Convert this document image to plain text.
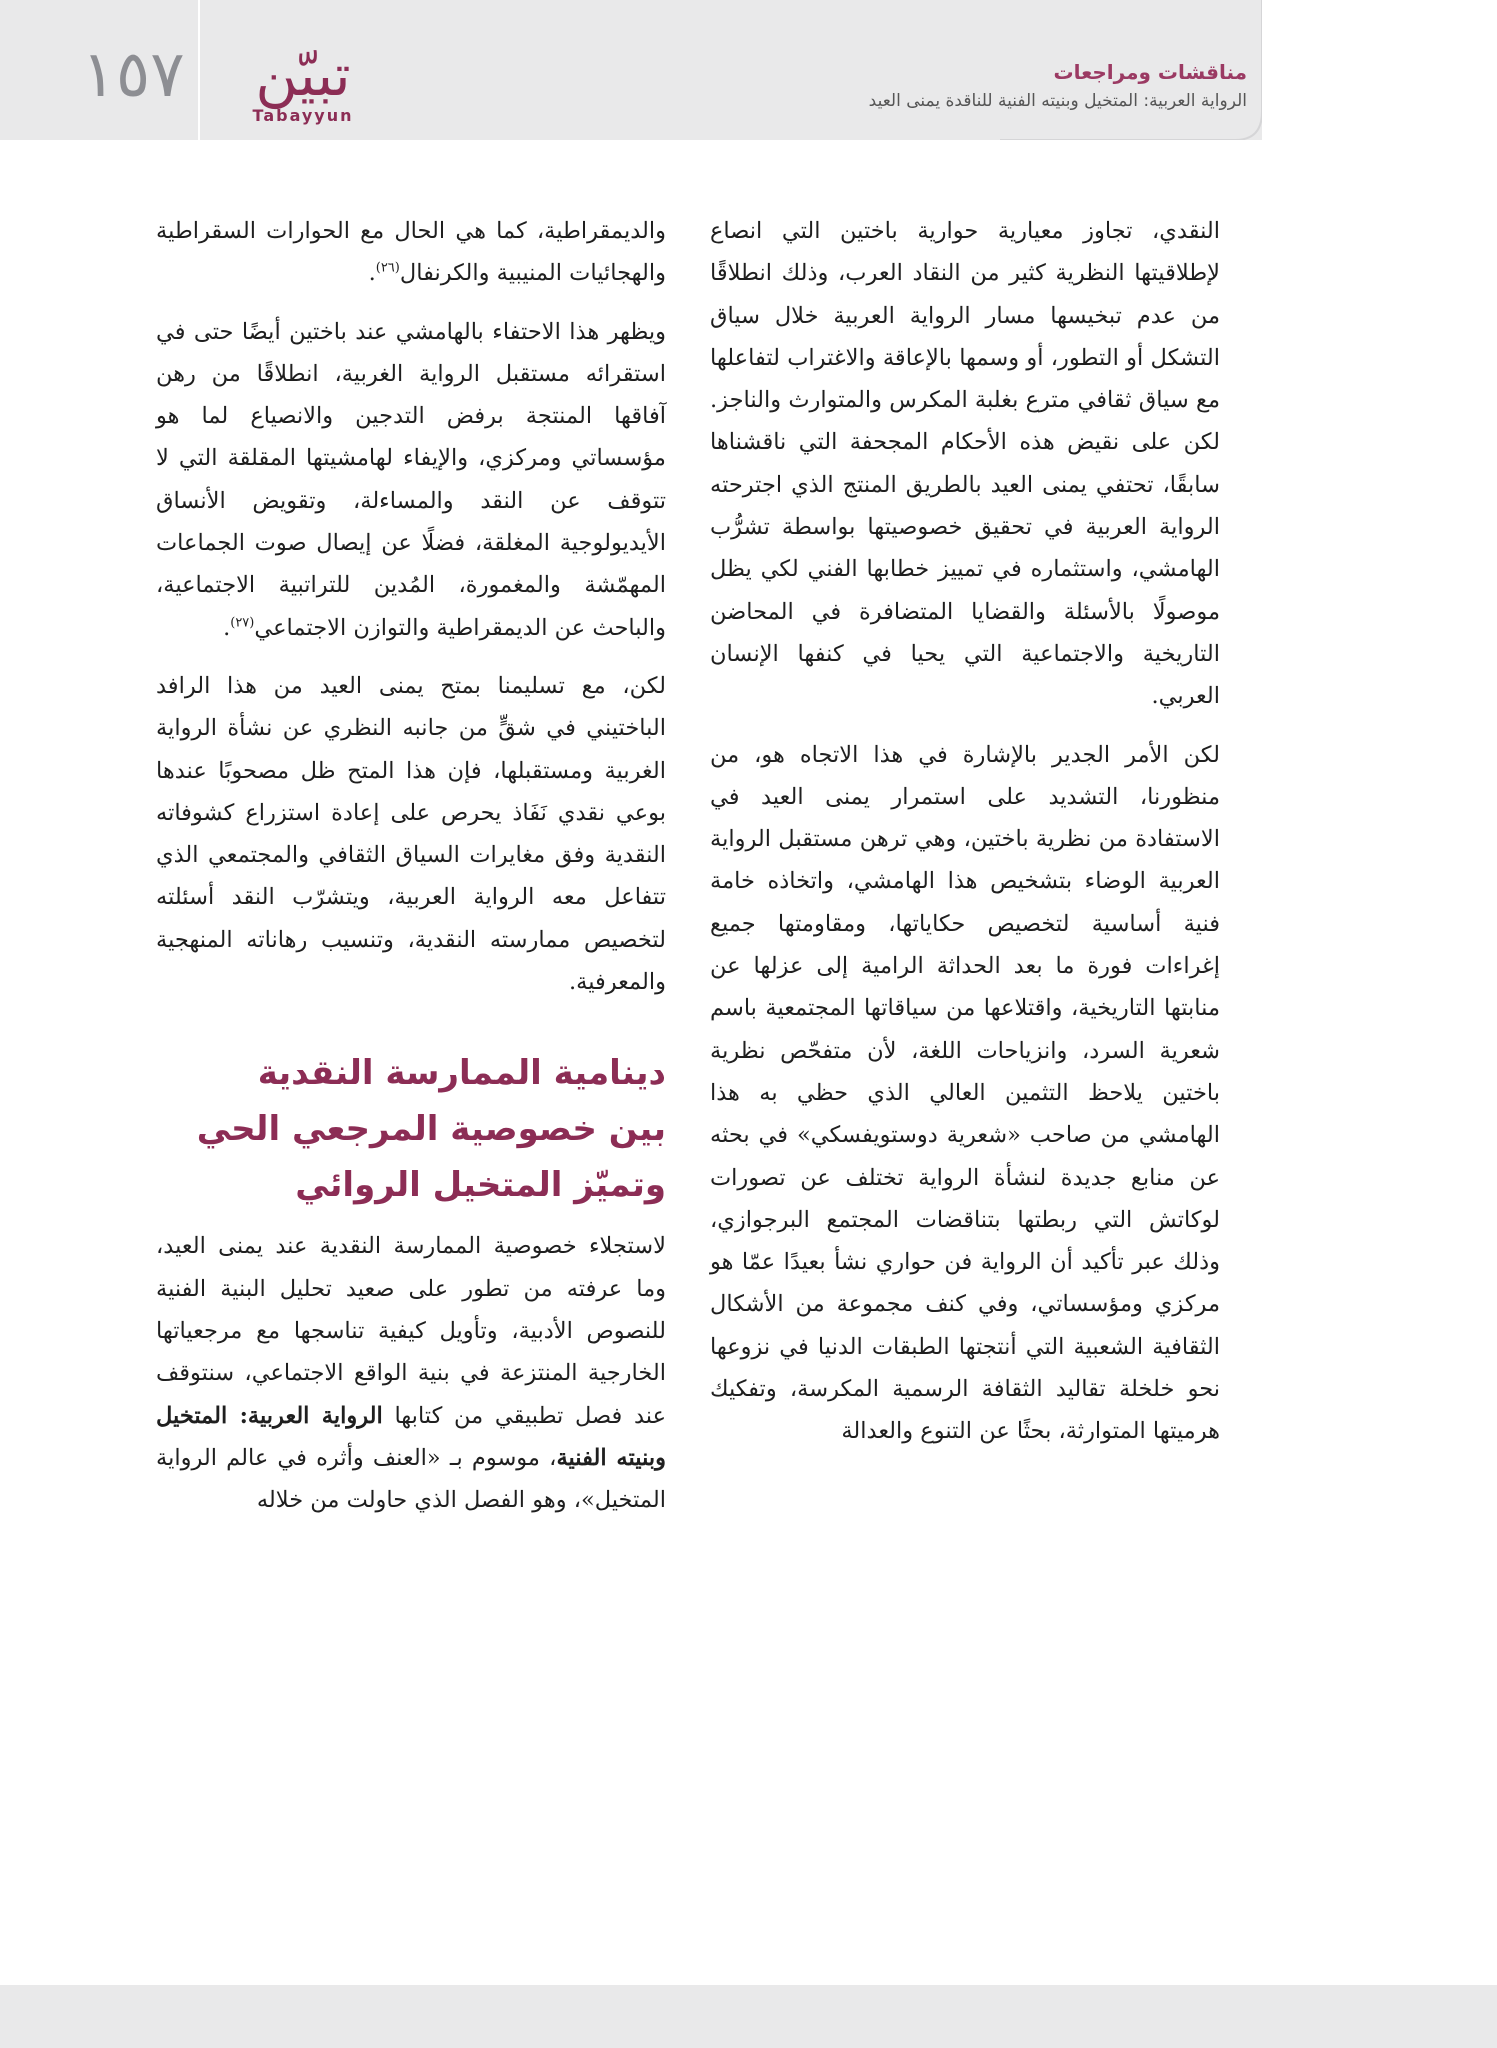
١٥٧	تبيّن
Tabayyun
مناقشات ومراجعات
الرواية العربية: المتخيل وبنيته الفنية للناقدة يمنى العيد

النقدي، تجاوز معيارية حوارية باختين التي انصاع لإطلاقيتها النظرية كثير من النقاد العرب، وذلك انطلاقًا من عدم تبخيسها مسار الرواية العربية خلال سياق التشكل أو التطور، أو وسمها بالإعاقة والاغتراب لتفاعلها مع سياق ثقافي مترع بغلبة المكرس والمتوارث والناجز. لكن على نقيض هذه الأحكام المجحفة التي ناقشناها سابقًا، تحتفي يمنى العيد بالطريق المنتج الذي اجترحته الرواية العربية في تحقيق خصوصيتها بواسطة تشرُّب الهامشي، واستثماره في تمييز خطابها الفني لكي يظل موصولًا بالأسئلة والقضايا المتضافرة في المحاضن التاريخية والاجتماعية التي يحيا في كنفها الإنسان العربي.

لكن الأمر الجدير بالإشارة في هذا الاتجاه هو، من منظورنا، التشديد على استمرار يمنى العيد في الاستفادة من نظرية باختين، وهي ترهن مستقبل الرواية العربية الوضاء بتشخيص هذا الهامشي، واتخاذه خامة فنية أساسية لتخصيص حكاياتها، ومقاومتها جميع إغراءات فورة ما بعد الحداثة الرامية إلى عزلها عن منابتها التاريخية، واقتلاعها من سياقاتها المجتمعية باسم شعرية السرد، وانزياحات اللغة، لأن متفحّص نظرية باختين يلاحظ التثمين العالي الذي حظي به هذا الهامشي من صاحب «شعرية دوستويفسكي» في بحثه عن منابع جديدة لنشأة الرواية تختلف عن تصورات لوكاتش التي ربطتها بتناقضات المجتمع البرجوازي، وذلك عبر تأكيد أن الرواية فن حواري نشأ بعيدًا عمّا هو مركزي ومؤسساتي، وفي كنف مجموعة من الأشكال الثقافية الشعبية التي أنتجتها الطبقات الدنيا في نزوعها نحو خلخلة تقاليد الثقافة الرسمية المكرسة، وتفكيك هرميتها المتوارثة، بحثًا عن التنوع والعدالة

والديمقراطية، كما هي الحال مع الحوارات السقراطية والهجائيات المنيبية والكرنفال$^{(٢٦)}$.

ويظهر هذا الاحتفاء بالهامشي عند باختين أيضًا حتى في استقرائه مستقبل الرواية الغربية، انطلاقًا من رهن آفاقها المنتجة برفض التدجين والانصياع لما هو مؤسساتي ومركزي، والإيفاء لهامشيتها المقلقة التي لا تتوقف عن النقد والمساءلة، وتقويض الأنساق الأيديولوجية المغلقة، فضلًا عن إيصال صوت الجماعات المهمّشة والمغمورة، المُدين للتراتبية الاجتماعية، والباحث عن الديمقراطية والتوازن الاجتماعي$^{(٢٧)}$.

لكن، مع تسليمنا بمتح يمنى العيد من هذا الرافد الباختيني في شقٍّ من جانبه النظري عن نشأة الرواية الغربية ومستقبلها، فإن هذا المتح ظل مصحوبًا عندها بوعي نقدي نَفَاذ يحرص على إعادة استزراع كشوفاته النقدية وفق مغايرات السياق الثقافي والمجتمعي الذي تتفاعل معه الرواية العربية، ويتشرّب النقد أسئلته لتخصيص ممارسته النقدية، وتنسيب رهاناته المنهجية والمعرفية.

دينامية الممارسة النقدية
بين خصوصية المرجعي الحي
وتميّز المتخيل الروائي

لاستجلاء خصوصية الممارسة النقدية عند يمنى العيد، وما عرفته من تطور على صعيد تحليل البنية الفنية للنصوص الأدبية، وتأويل كيفية تناسجها مع مرجعياتها الخارجية المنتزعة في بنية الواقع الاجتماعي، سنتوقف عند فصل تطبيقي من كتابها الرواية العربية: المتخيل وبنيته الفنية، موسوم بـ «العنف وأثره في عالم الرواية المتخيل»، وهو الفصل الذي حاولت من خلاله
